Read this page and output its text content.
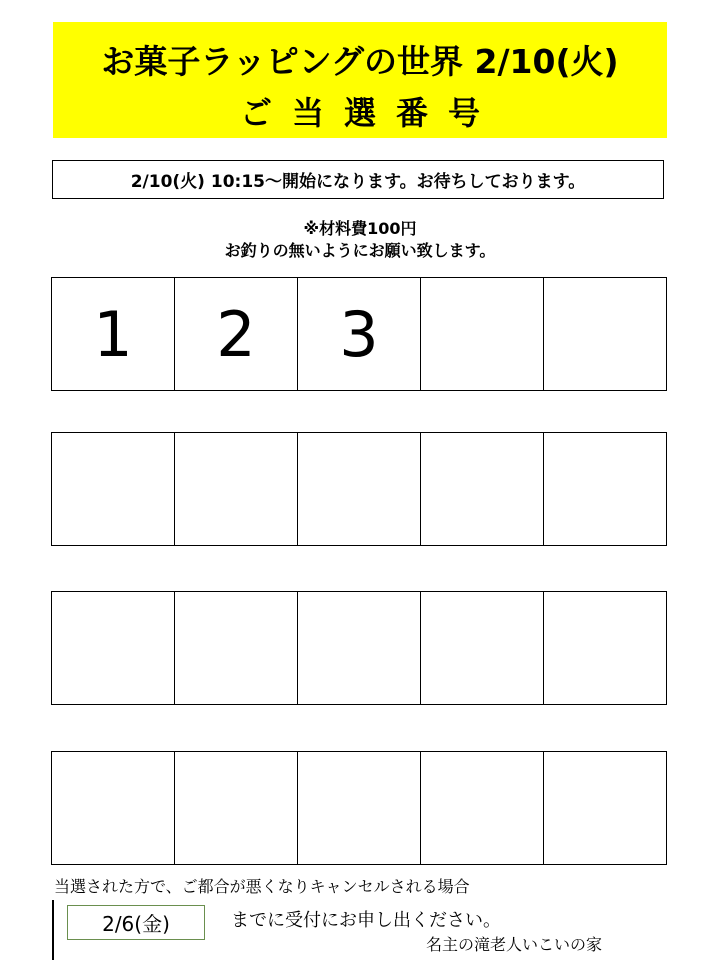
お菓子ラッピングの世界 2/10(火)
ご当選番号
2/10(火) 10:15～開始になります。お待ちしております。
※材料費100円
お釣りの無いようにお願い致します。
1	2	3
当選された方で、ご都合が悪くなりキャンセルされる場合
2/6(金)	までに受付にお申し出ください。
名主の滝老人いこいの家
